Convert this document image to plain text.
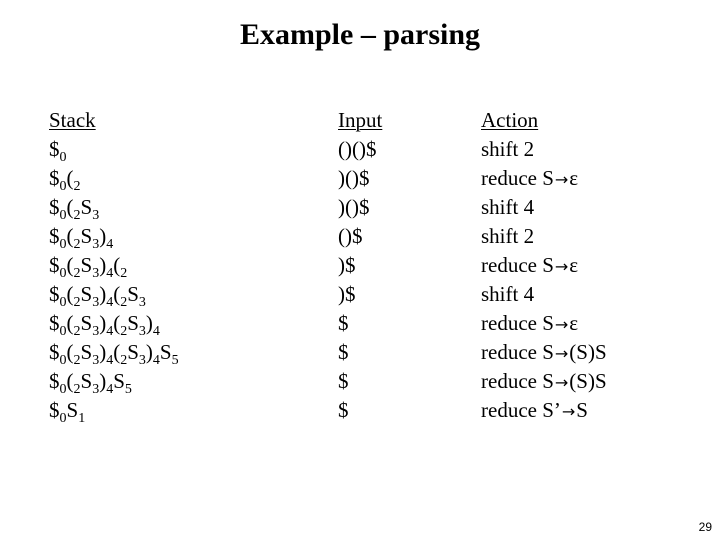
Example – parsing
Stack
$\$_0$
$\$_0(_2$
$\$_0(_2S_3$
$\$_0(_2S_3)_4$
$\$_0(_2S_3)_4(_2$
$\$_0(_2S_3)_4(_2S_3$
$\$_0(_2S_3)_4(_2S_3)_4$
$\$_0(_2S_3)_4(_2S_3)_4S_5$
$\$_0(_2S_3)_4S_5$
$\$_0S_1$
Input
()()$
)()$
)()$
()$
)$
)$
$
$
$
$
Action
shift 2
reduce S→ε
shift 4
shift 2
reduce S→ε
shift 4
reduce S→ε
reduce S→(S)S
reduce S→(S)S
reduce S’→S
29
